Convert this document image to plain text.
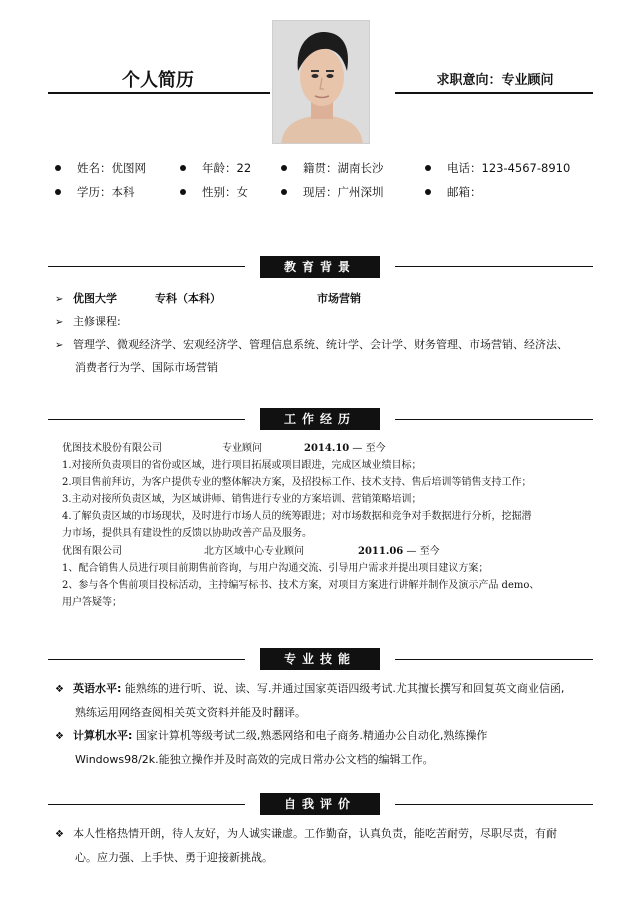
个人简历	求职意向：专业顾问
姓名：优图网	年龄：22	籍贯：湖南长沙	电话：123-4567-8910
学历：本科	性别：女	现居：广州深圳	邮箱：
教育背景
➢ 优图大学	专科（本科）	市场营销
➢ 主修课程:
➢ 管理学、微观经济学、宏观经济学、管理信息系统、统计学、会计学、财务管理、市场营销、经济法、
消费者行为学、国际市场营销
工作经历
优图技术股份有限公司	专业顾问	2014.10 — 至今
1.对接所负责项目的省份或区域，进行项目拓展或项目跟进，完成区域业绩目标；
2.项目售前拜访，为客户提供专业的整体解决方案，及招投标工作、技术支持、售后培训等销售支持工作；
3.主动对接所负责区域，为区域讲师、销售进行专业的方案培训、营销策略培训；
4.了解负责区域的市场现状，及时进行市场人员的统筹跟进；对市场数据和竞争对手数据进行分析，挖掘潜
力市场，提供具有建设性的反馈以协助改善产品及服务。
优图有限公司	北方区域中心专业顾问	2011.06 — 至今
1、配合销售人员进行项目前期售前咨询，与用户沟通交流、引导用户需求并提出项目建议方案；
2、参与各个售前项目投标活动，主持编写标书、技术方案，对项目方案进行讲解并制作及演示产品 demo、
用户答疑等；
专业技能
❖ 英语水平: 能熟练的进行听、说、读、写.并通过国家英语四级考试.尤其擅长撰写和回复英文商业信函,
熟练运用网络查阅相关英文资料并能及时翻译。
❖ 计算机水平: 国家计算机等级考试二级,熟悉网络和电子商务.精通办公自动化,熟练操作
Windows98/2k.能独立操作并及时高效的完成日常办公文档的编辑工作。
自我评价
❖ 本人性格热情开朗，待人友好，为人诚实谦虚。工作勤奋，认真负责，能吃苦耐劳，尽职尽责，有耐
心。应力强、上手快、勇于迎接新挑战。
